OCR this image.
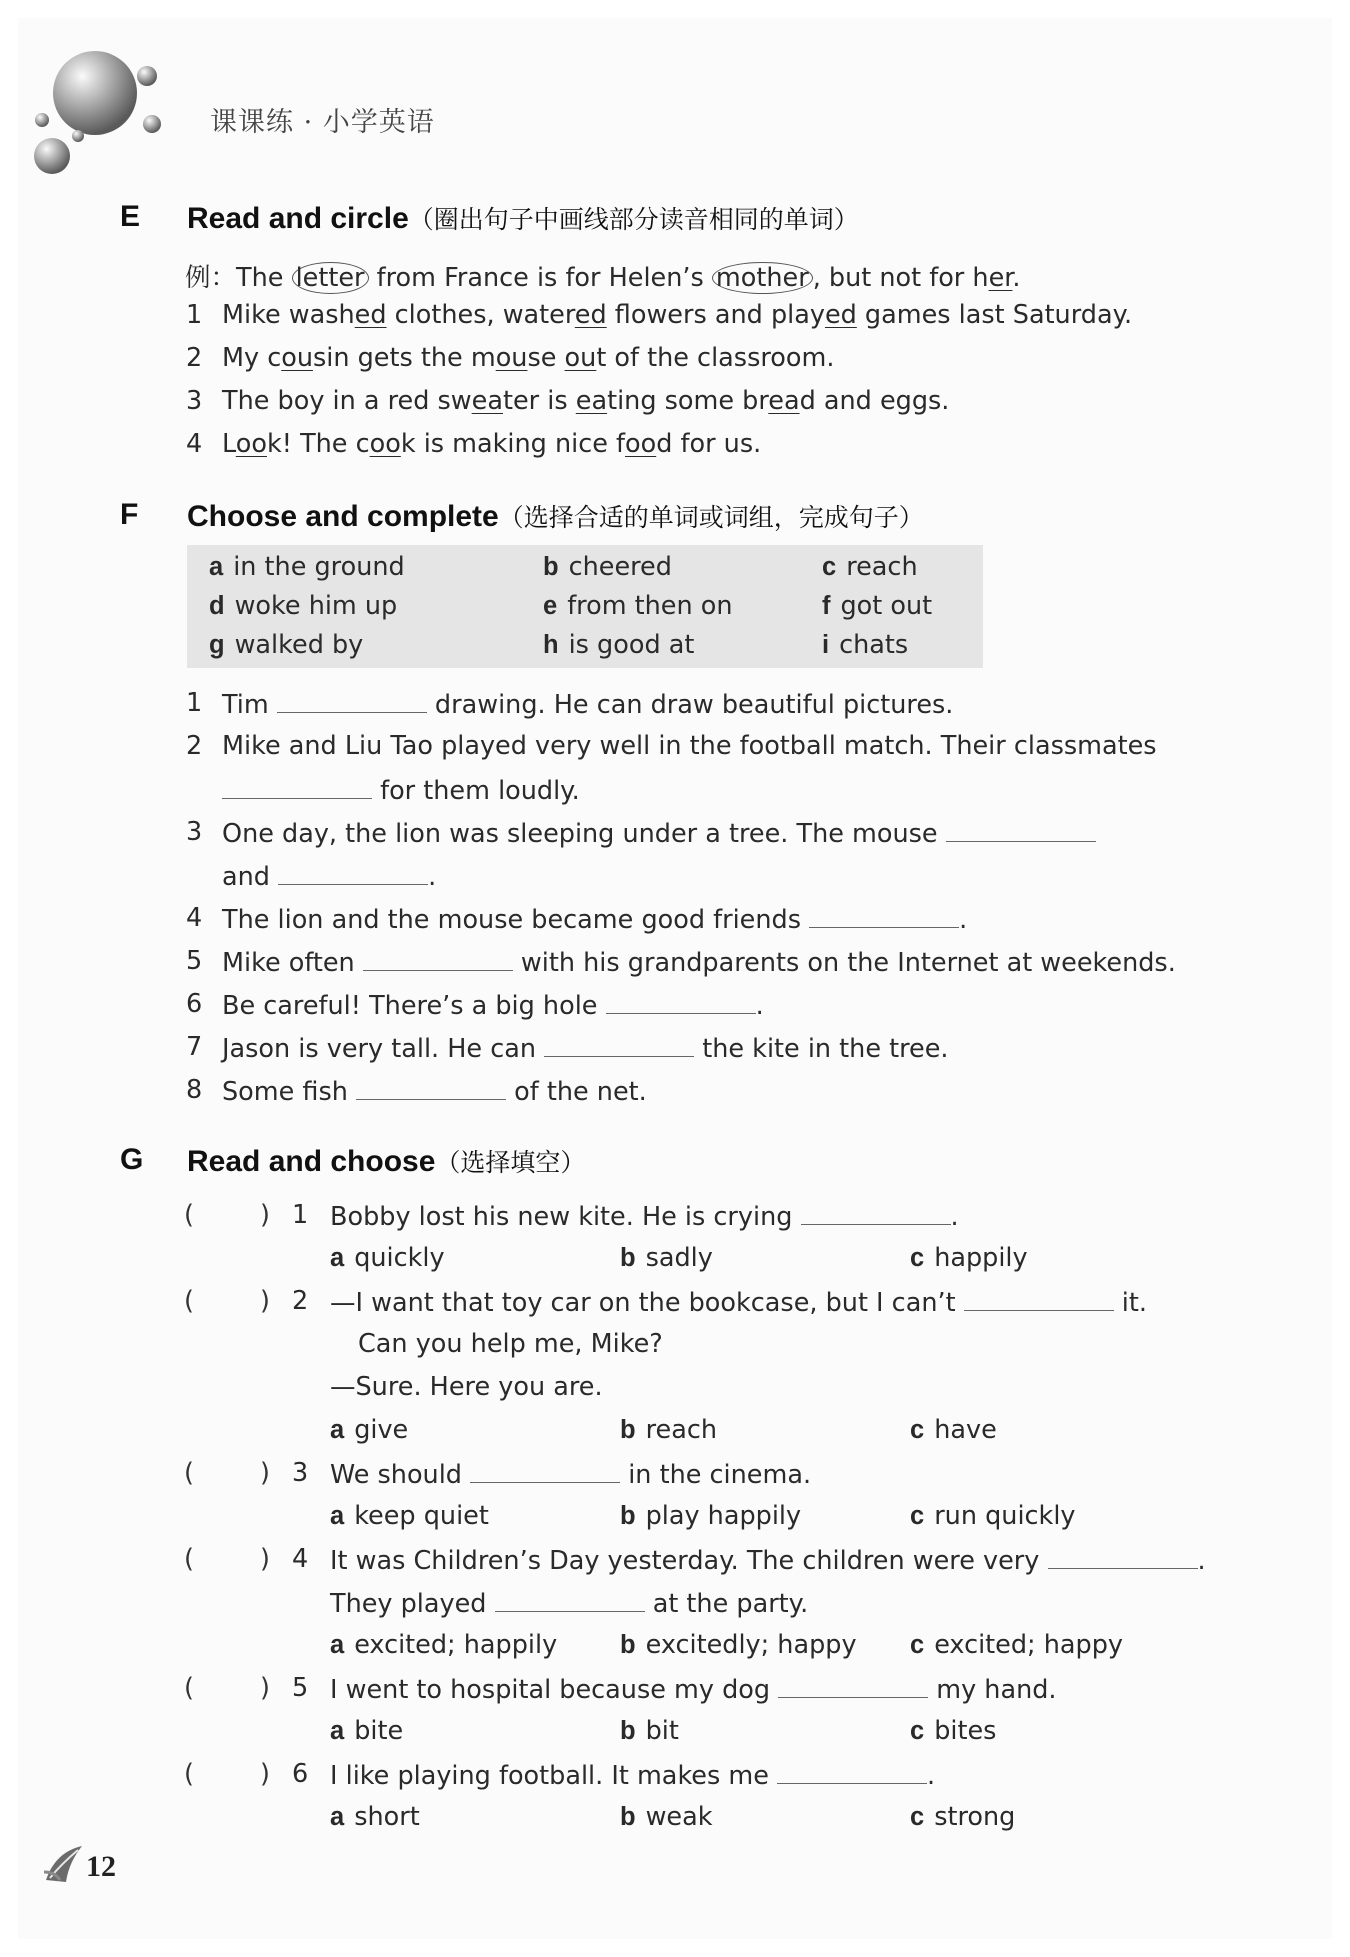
课课练 · 小学英语
E Read and circle（圈出句子中画线部分读音相同的单词）
例：The letter from France is for Helen’s mother , but not for her.
1 Mike washed clothes, watered flowers and played games last Saturday.
2 My cousin gets the mouse out of the classroom.
3 The boy in a red sweater is eating some bread and eggs.
4 Look! The cook is making nice food for us.
F Choose and complete（选择合适的单词或词组，完成句子）
a in the ground	b cheered	c reach
d woke him up	e from then on	f got out
g walked by	h is good at	i chats
1 Tim	drawing. He can draw beautiful pictures.
2 Mike and Liu Tao played very well in the football match. Their classmates
for them loudly.
3 One day, the lion was sleeping under a tree. The mouse
and	.
4 The lion and the mouse became good friends	.
5 Mike often	with his grandparents on the Internet at weekends.
6 Be careful! There’s a big hole	.
7 Jason is very tall. He can	the kite in the tree.
8 Some fish	of the net.
G Read and choose（选择填空）
(	) 1 Bobby lost his new kite. He is crying	.
a quickly	b sadly	c happily
(	) 2 —I want that toy car on the bookcase, but I can’t	it.
Can you help me, Mike?
—Sure. Here you are.
a give	b reach	c have
(	) 3 We should	in the cinema.
a keep quiet	b play happily	c run quickly
(	) 4 It was Children’s Day yesterday. The children were very	.
They played	at the party.
a excited; happily b excitedly; happy c excited; happy
(	) 5 I went to hospital because my dog	my hand.
a bite	b bit	c bites
(	) 6 I like playing football. It makes me	.
a short	b weak	c strong
12
